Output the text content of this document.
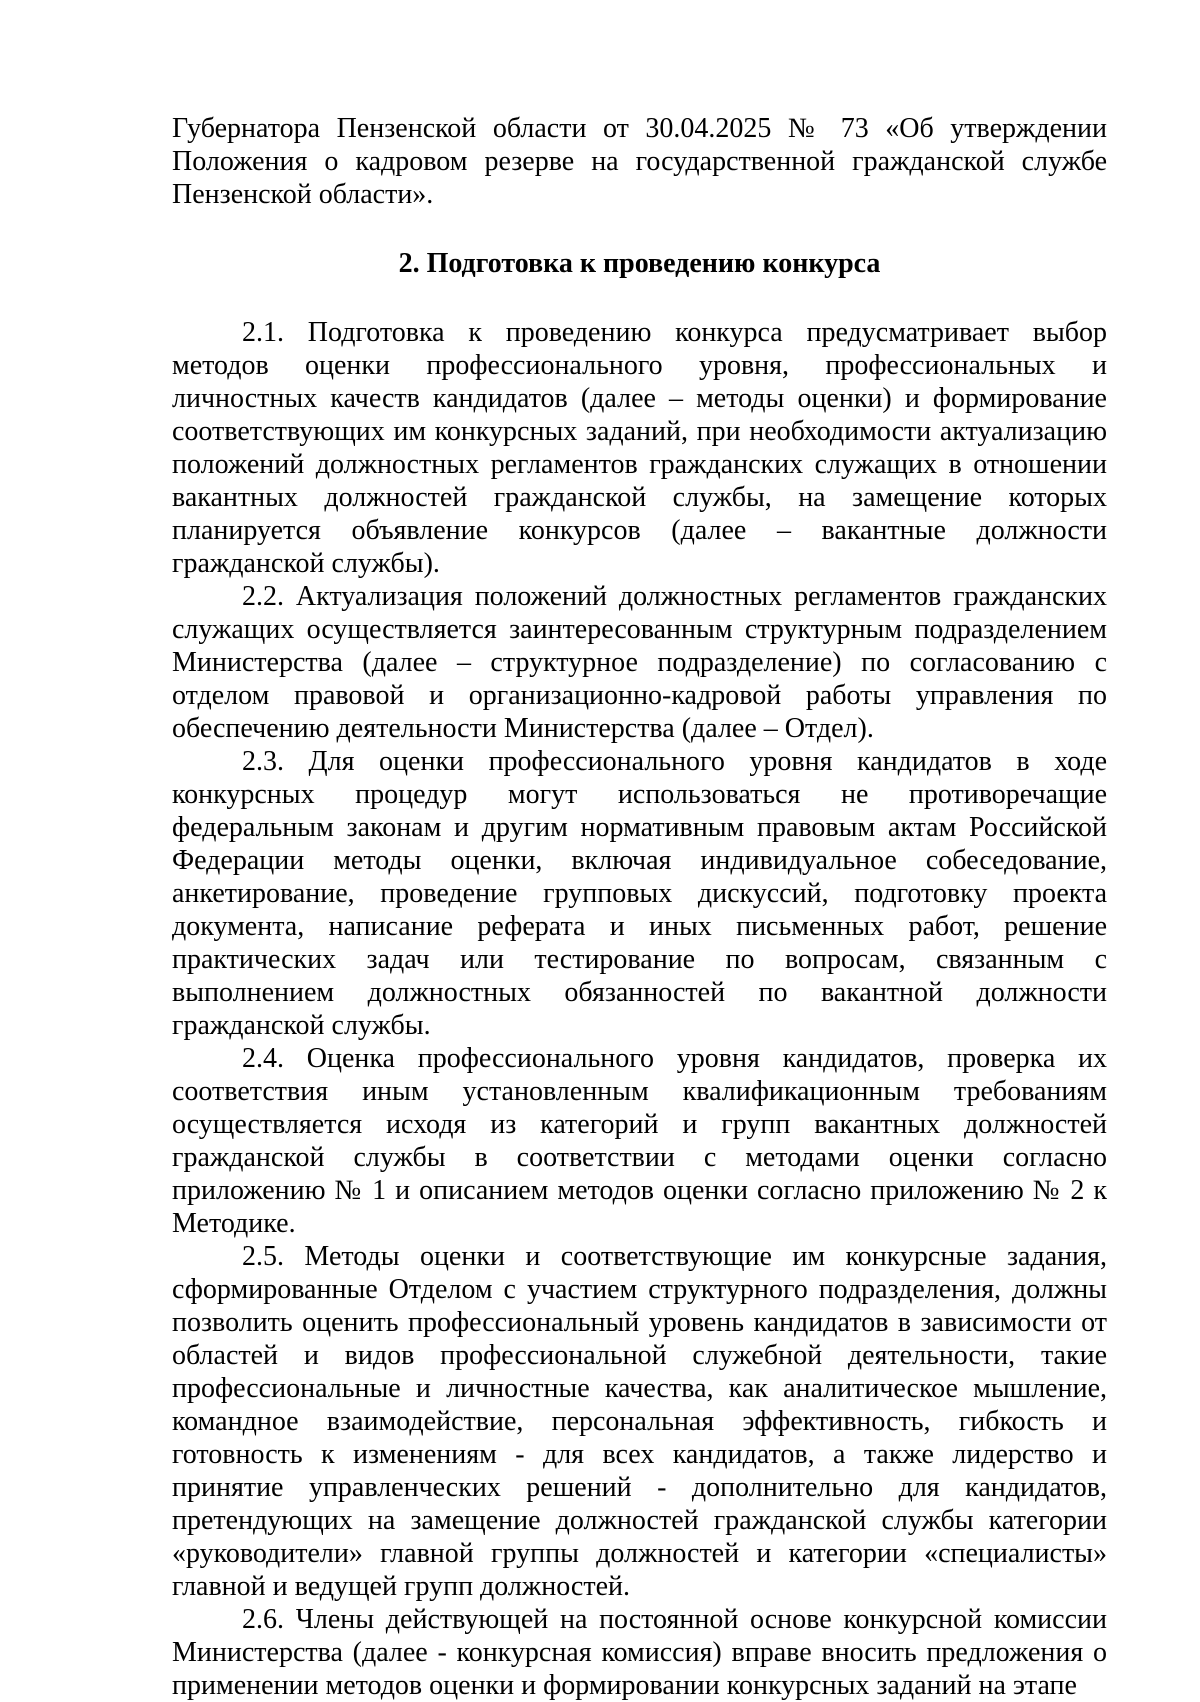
Губернатора Пензенской области от 30.04.2025 № 73 «Об утверждении Положения о кадровом резерве на государственной гражданской службе Пензенской области».

2. Подготовка к проведению конкурса

2.1. Подготовка к проведению конкурса предусматривает выбор методов оценки профессионального уровня, профессиональных и личностных качеств кандидатов (далее – методы оценки) и формирование соответствующих им конкурсных заданий, при необходимости актуализацию положений должностных регламентов гражданских служащих в отношении вакантных должностей гражданской службы, на замещение которых планируется объявление конкурсов (далее – вакантные должности гражданской службы).

2.2. Актуализация положений должностных регламентов гражданских служащих осуществляется заинтересованным структурным подразделением Министерства (далее – структурное подразделение) по согласованию с отделом правовой и организационно-кадровой работы управления по обеспечению деятельности Министерства (далее – Отдел).

2.3. Для оценки профессионального уровня кандидатов в ходе конкурсных процедур могут использоваться не противоречащие федеральным законам и другим нормативным правовым актам Российской Федерации методы оценки, включая индивидуальное собеседование, анкетирование, проведение групповых дискуссий, подготовку проекта документа, написание реферата и иных письменных работ, решение практических задач или тестирование по вопросам, связанным с выполнением должностных обязанностей по вакантной должности гражданской службы.

2.4. Оценка профессионального уровня кандидатов, проверка их соответствия иным установленным квалификационным требованиям осуществляется исходя из категорий и групп вакантных должностей гражданской службы в соответствии с методами оценки согласно приложению № 1 и описанием методов оценки согласно приложению № 2 к Методике.

2.5. Методы оценки и соответствующие им конкурсные задания, сформированные Отделом с участием структурного подразделения, должны позволить оценить профессиональный уровень кандидатов в зависимости от областей и видов профессиональной служебной деятельности, такие профессиональные и личностные качества, как аналитическое мышление, командное взаимодействие, персональная эффективность, гибкость и готовность к изменениям - для всех кандидатов, а также лидерство и принятие управленческих решений - дополнительно для кандидатов, претендующих на замещение должностей гражданской службы категории «руководители» главной группы должностей и категории «специалисты» главной и ведущей групп должностей.

2.6. Члены действующей на постоянной основе конкурсной комиссии Министерства (далее - конкурсная комиссия) вправе вносить предложения о применении методов оценки и формировании конкурсных заданий на этапе
